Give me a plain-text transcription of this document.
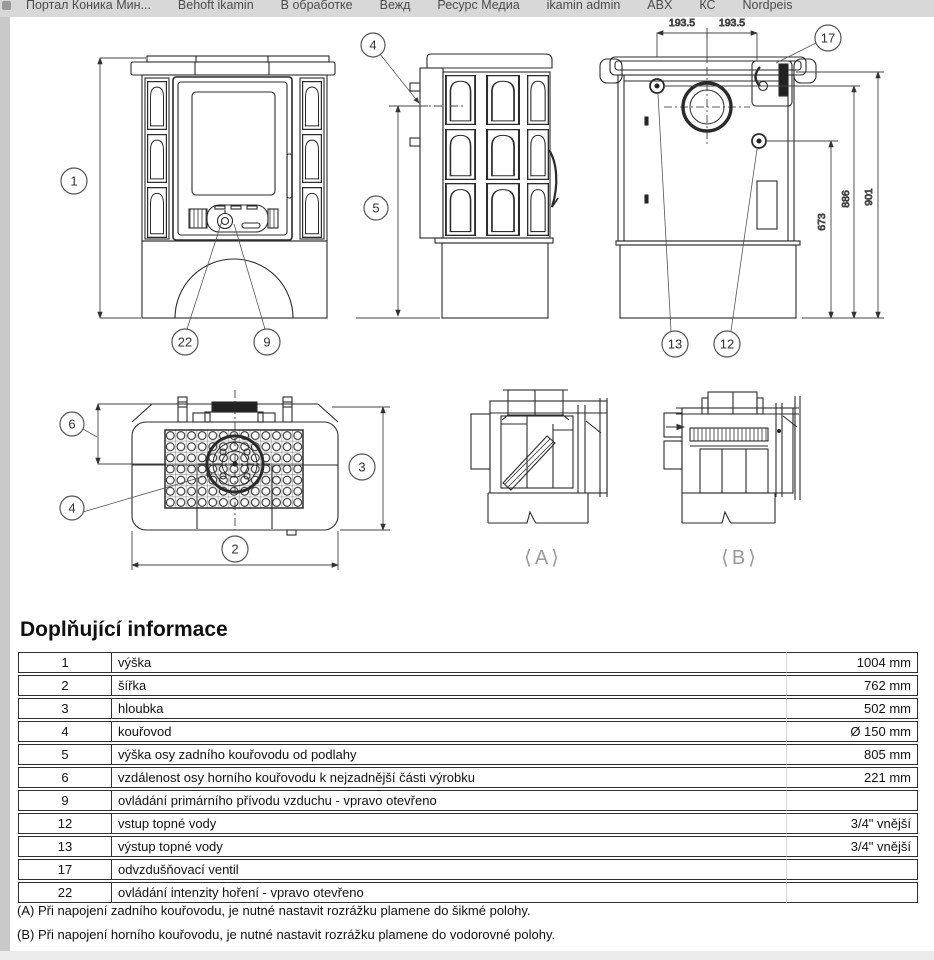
Портал Коника Мин... Behoft ikamin В обработке Вежд Ресурс Медиа ikamin admin ABX КС Nordpeis
1
22	9
4
5
193.5 193.5
673
886 901
17
13	12
6
3
4
2	⟨A⟩	⟨B⟩
Doplňující informace
1	výška	1004 mm
2	šířka	762 mm
3	hloubka	502 mm
4	kouřovod	Ø 150 mm
5	výška osy zadního kouřovodu od podlahy	805 mm
6	vzdálenost osy horního kouřovodu k nejzadnější části výrobku	221 mm
9	ovládání primárního přívodu vzduchu - vpravo otevřeno	
12	vstup topné vody	3/4" vnější
13	výstup topné vody	3/4" vnější
17	odvzdušňovací ventil	
22	ovládání intenzity hoření - vpravo otevřeno	
(A) Při napojení zadního kouřovodu, je nutné nastavit rozrážku plamene do šikmé polohy.
(B) Při napojení horního kouřovodu, je nutné nastavit rozrážku plamene do vodorovné polohy.
